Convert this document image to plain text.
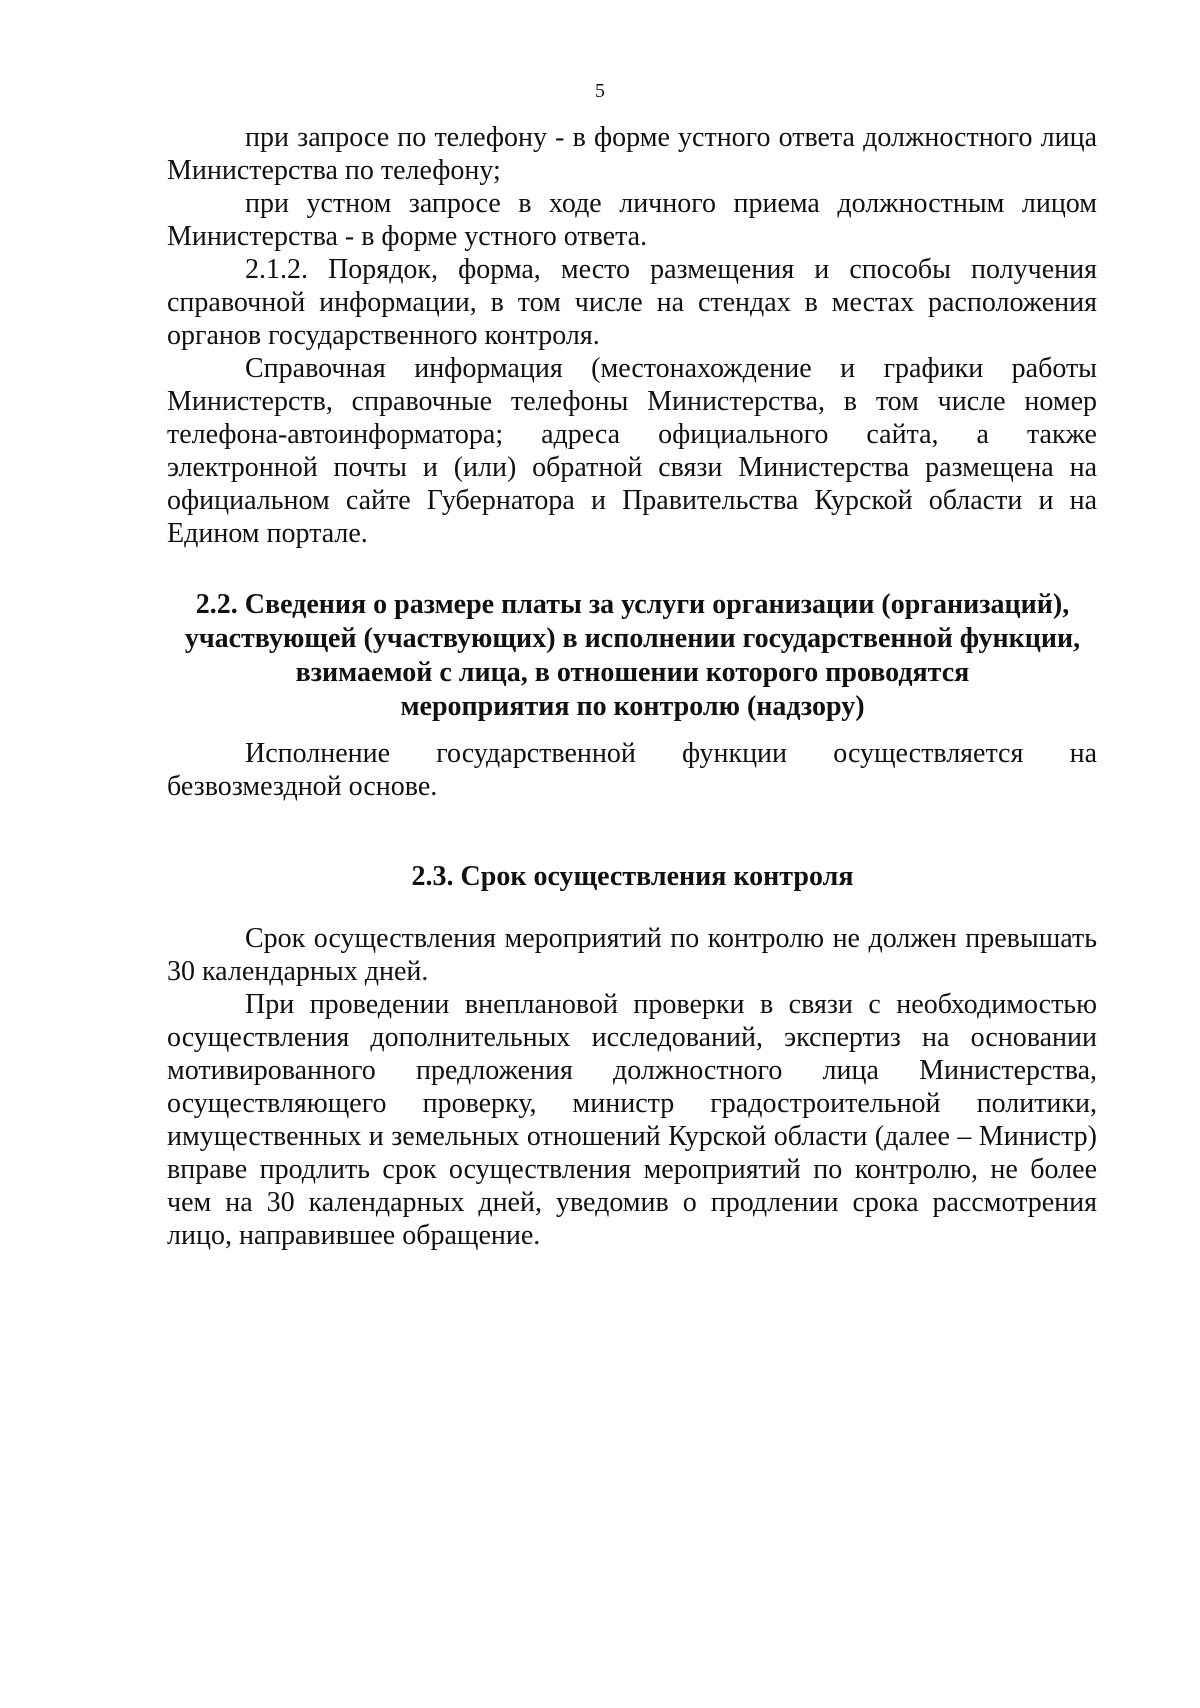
5

при запросе по телефону - в форме устного ответа должностного лица Министерства по телефону;

при устном запросе в ходе личного приема должностным лицом Министерства - в форме устного ответа.

2.1.2. Порядок, форма, место размещения и способы получения справочной информации, в том числе на стендах в местах расположения органов государственного контроля.

Справочная информация (местонахождение и графики работы Министерств, справочные телефоны Министерства, в том числе номер телефона-автоинформатора; адреса официального сайта, а также электронной почты и (или) обратной связи Министерства размещена на официальном сайте Губернатора и Правительства Курской области и на Едином портале.

2.2. Сведения о размере платы за услуги организации (организаций),
участвующей (участвующих) в исполнении государственной функции,
взимаемой с лица, в отношении которого проводятся
мероприятия по контролю (надзору)

Исполнение государственной функции осуществляется на безвозмездной основе.

2.3. Срок осуществления контроля

Срок осуществления мероприятий по контролю не должен превышать 30 календарных дней.

При проведении внеплановой проверки в связи с необходимостью осуществления дополнительных исследований, экспертиз на основании мотивированного предложения должностного лица Министерства, осуществляющего проверку, министр градостроительной политики, имущественных и земельных отношений Курской области (далее – Министр) вправе продлить срок осуществления мероприятий по контролю, не более чем на 30 календарных дней, уведомив о продлении срока рассмотрения лицо, направившее обращение.
